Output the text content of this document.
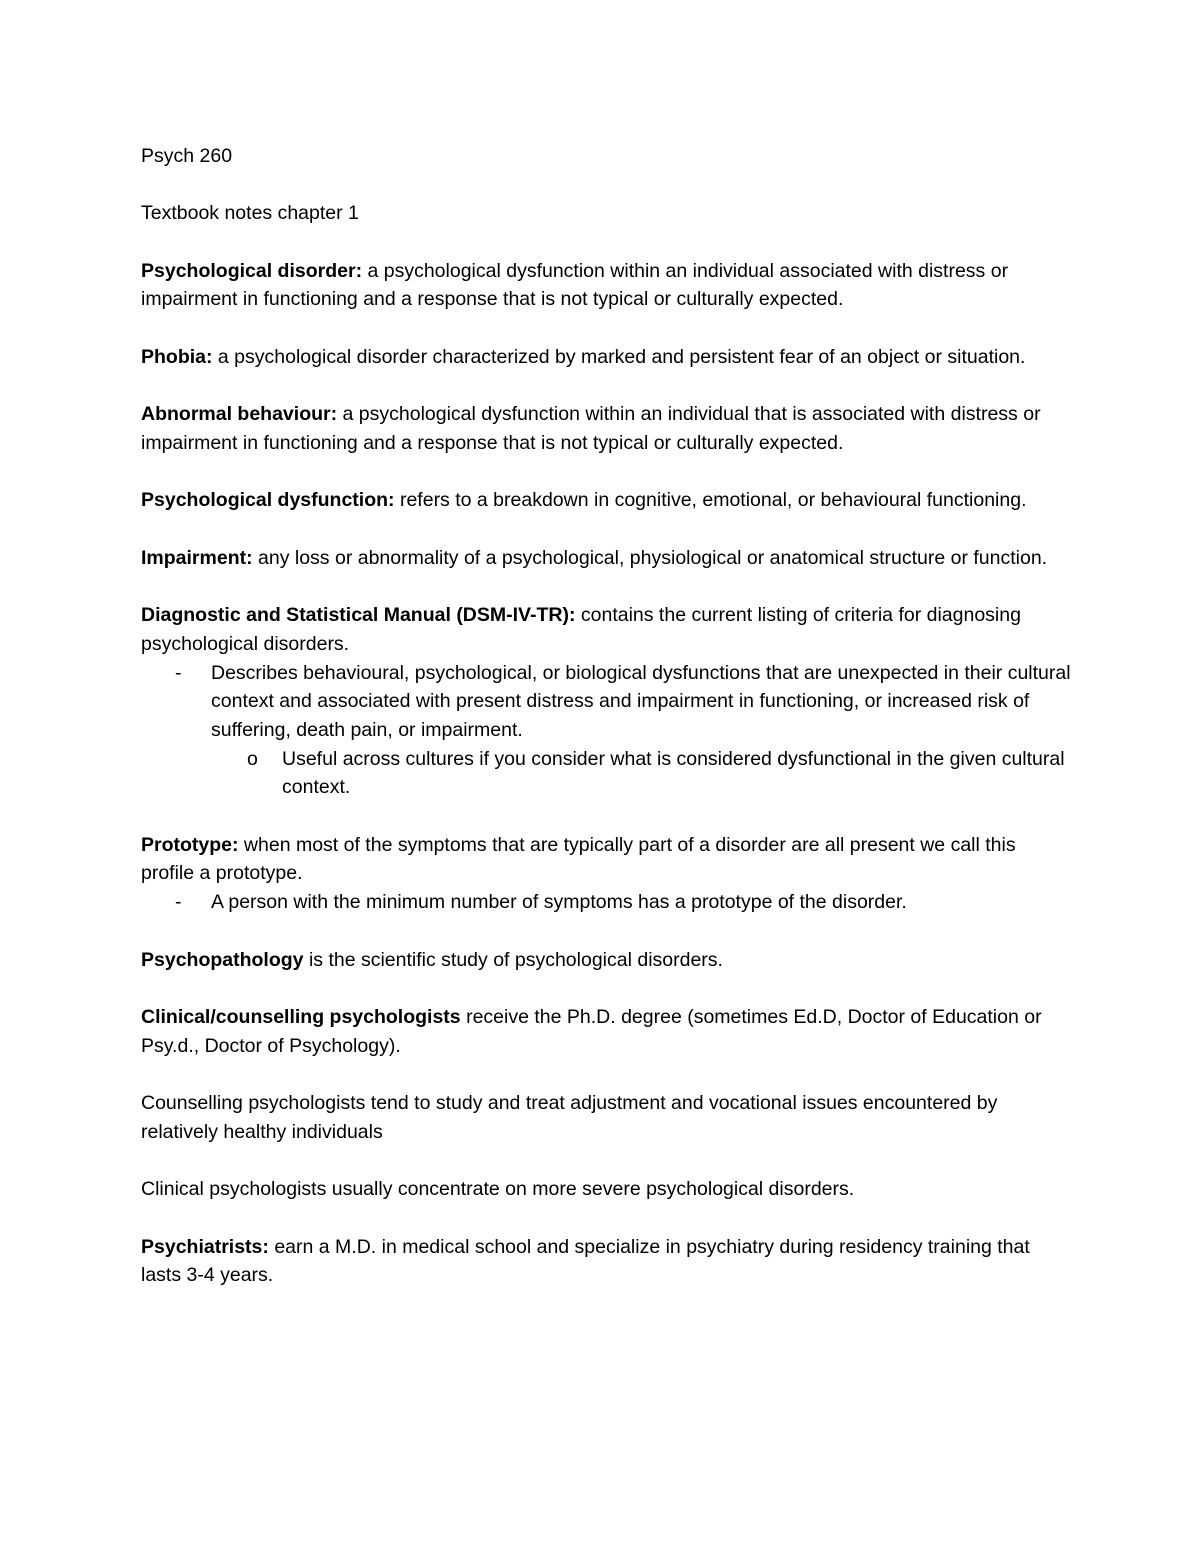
Psych 260

Textbook notes chapter 1

Psychological disorder: a psychological dysfunction within an individual associated with distress or impairment in functioning and a response that is not typical or culturally expected.

Phobia: a psychological disorder characterized by marked and persistent fear of an object or situation.

Abnormal behaviour: a psychological dysfunction within an individual that is associated with distress or impairment in functioning and a response that is not typical or culturally expected.

Psychological dysfunction: refers to a breakdown in cognitive, emotional, or behavioural functioning.

Impairment: any loss or abnormality of a psychological, physiological or anatomical structure or function.

Diagnostic and Statistical Manual (DSM-IV-TR): contains the current listing of criteria for diagnosing psychological disorders.

- Describes behavioural, psychological, or biological dysfunctions that are unexpected in their cultural context and associated with present distress and impairment in functioning, or increased risk of suffering, death pain, or impairment.

o Useful across cultures if you consider what is considered dysfunctional in the given cultural context.

Prototype: when most of the symptoms that are typically part of a disorder are all present we call this profile a prototype.

- A person with the minimum number of symptoms has a prototype of the disorder.

Psychopathology is the scientific study of psychological disorders.

Clinical/counselling psychologists receive the Ph.D. degree (sometimes Ed.D, Doctor of Education or Psy.d., Doctor of Psychology).

Counselling psychologists tend to study and treat adjustment and vocational issues encountered by relatively healthy individuals

Clinical psychologists usually concentrate on more severe psychological disorders.

Psychiatrists: earn a M.D. in medical school and specialize in psychiatry during residency training that lasts 3-4 years.
